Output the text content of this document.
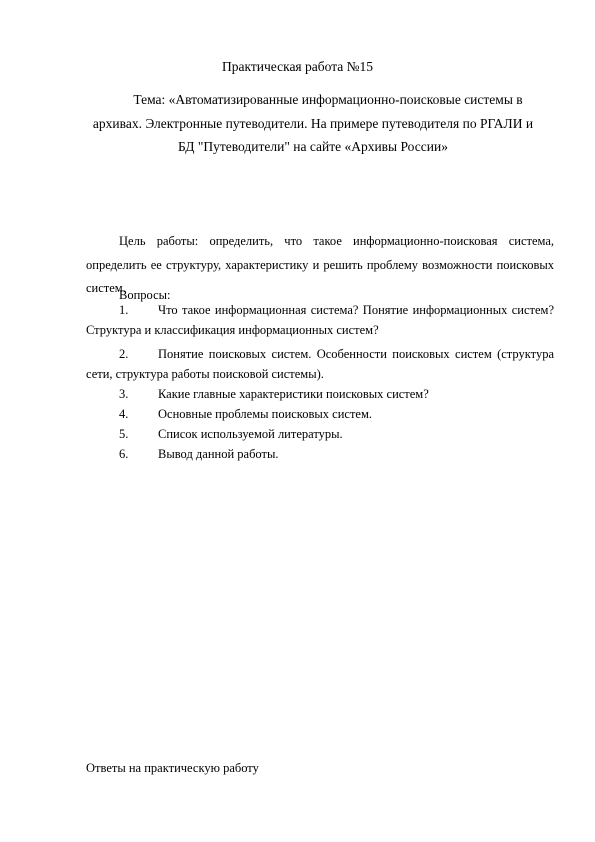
Практическая работа №15
Тема: «Автоматизированные информационно-поисковые системы в архивах. Электронные путеводители. На примере путеводителя по РГАЛИ и БД "Путеводители" на сайте «Архивы России»
Цель работы: определить, что такое информационно-поисковая система, определить ее структуру, характеристику и решить проблему возможности поисковых систем.
Вопросы:
1. Что такое информационная система? Понятие информационных систем? Структура и классификация информационных систем?
2. Понятие поисковых систем. Особенности поисковых систем (структура сети, структура работы поисковой системы).
3. Какие главные характеристики поисковых систем?
4. Основные проблемы поисковых систем.
5. Список используемой литературы.
6. Вывод данной работы.
Ответы на практическую работу
